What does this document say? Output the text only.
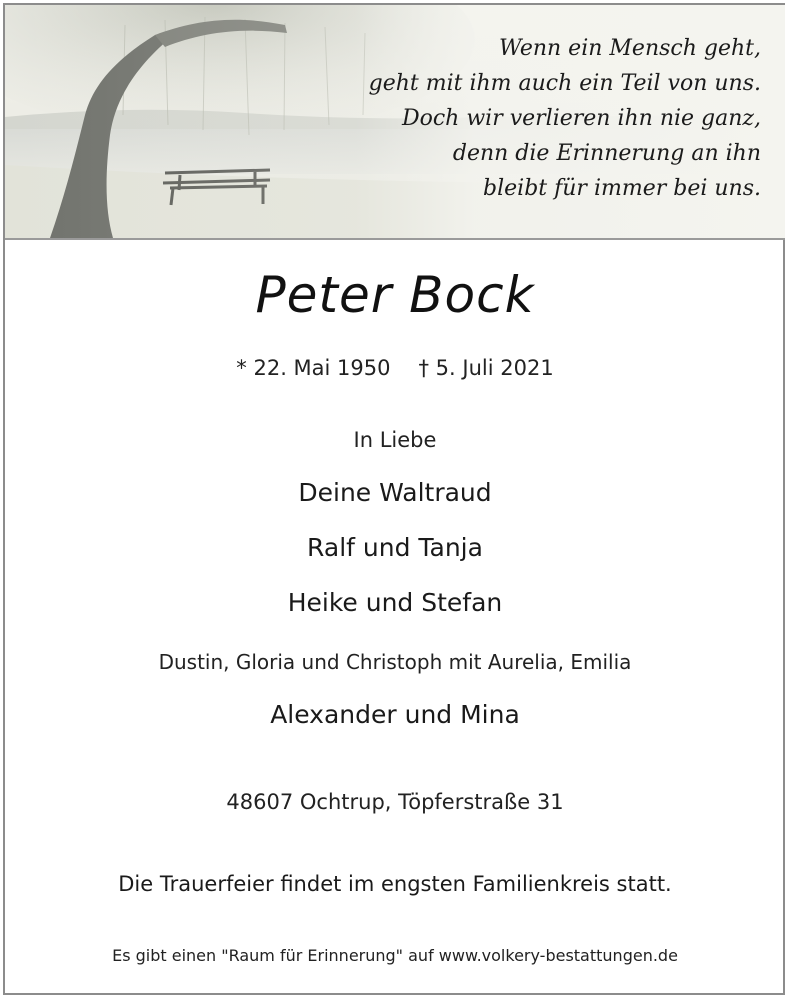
Wenn ein Mensch geht,
geht mit ihm auch ein Teil von uns.
Doch wir verlieren ihn nie ganz,
denn die Erinnerung an ihn
bleibt für immer bei uns.
Peter Bock
* 22. Mai 1950 † 5. Juli 2021
In Liebe
Deine Waltraud
Ralf und Tanja
Heike und Stefan
Dustin, Gloria und Christoph mit Aurelia, Emilia
Alexander und Mina
48607 Ochtrup, Töpferstraße 31
Die Trauerfeier findet im engsten Familienkreis statt.
Es gibt einen "Raum für Erinnerung" auf www.volkery-bestattungen.de
